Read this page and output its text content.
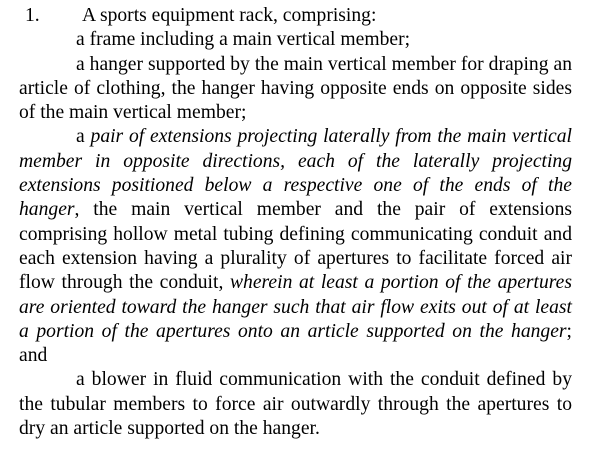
1.	A sports equipment rack, comprising:

a frame including a main vertical member;

a hanger supported by the main vertical member for draping an article of clothing, the hanger having opposite ends on opposite sides of the main vertical member;

a pair of extensions projecting laterally from the main vertical member in opposite directions, each of the laterally projecting extensions positioned below a respective one of the ends of the hanger, the main vertical member and the pair of extensions comprising hollow metal tubing defining communicating conduit and each extension having a plurality of apertures to facilitate forced air flow through the conduit, wherein at least a portion of the apertures are oriented toward the hanger such that air flow exits out of at least a portion of the apertures onto an article supported on the hanger; and

a blower in fluid communication with the conduit defined by the tubular members to force air outwardly through the apertures to dry an article supported on the hanger.
